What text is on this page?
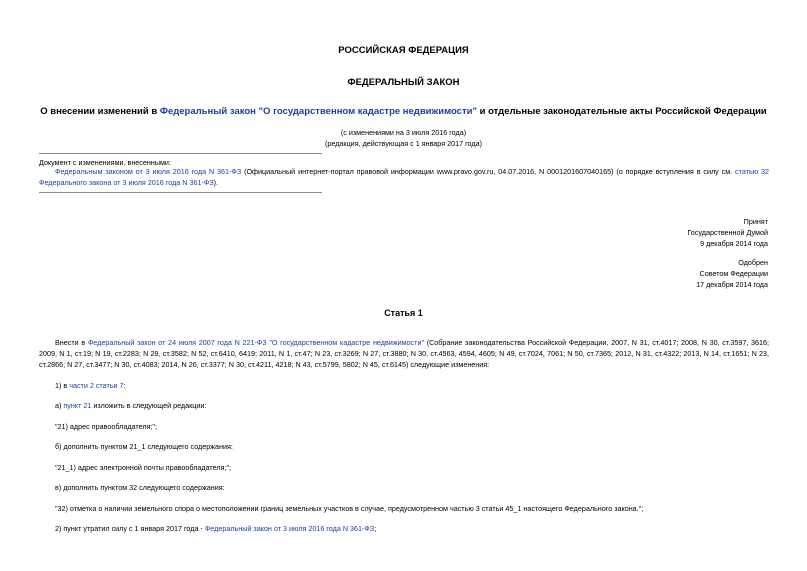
РОССИЙСКАЯ ФЕДЕРАЦИЯ
ФЕДЕРАЛЬНЫЙ ЗАКОН
О внесении изменений в Федеральный закон "О государственном кадастре недвижимости" и отдельные законодательные акты Российской Федерации
(с изменениями на 3 июля 2016 года)
(редакция, действующая с 1 января 2017 года)
Документ с изменениями, внесенными:
Федеральным законом от 3 июля 2016 года N 361-ФЗ (Официальный интернет-портал правовой информации www.pravo.gov.ru, 04.07.2016, N 0001201607040165) (о порядке вступления в силу см. статью 32 Федерального закона от 3 июля 2016 года N 361-ФЗ).
Принят
Государственной Думой
9 декабря 2014 года
Одобрен
Советом Федерации
17 декабря 2014 года
Статья 1
Внести в Федеральный закон от 24 июля 2007 года N 221-ФЗ "О государственном кадастре недвижимости" (Собрание законодательства Российской Федерации, 2007, N 31, ст.4017; 2008, N 30, ст.3597, 3616; 2009, N 1, ст.19; N 19, ст.2283; N 29, ст.3582; N 52, ст.6410, 6419; 2011, N 1, ст.47; N 23, ст.3269; N 27, ст.3880; N 30, ст.4563, 4594, 4605; N 49, ст.7024, 7061; N 50, ст.7365; 2012, N 31, ст.4322; 2013, N 14, ст.1651; N 23, ст.2866; N 27, ст.3477; N 30, ст.4083; 2014, N 26, ст.3377; N 30, ст.4211, 4218; N 43, ст.5799, 5802; N 45, ст.6145) следующие изменения:
1) в части 2 статьи 7:
а) пункт 21 изложить в следующей редакции:
"21) адрес правообладателя;";
б) дополнить пунктом 21_1 следующего содержания:
"21_1) адрес электронной почты правообладателя;";
в) дополнить пунктом 32 следующего содержания:
"32) отметка о наличии земельного спора о местоположении границ земельных участков в случае, предусмотренном частью 3 статьи 45_1 настоящего Федерального закона.";
2) пункт утратил силу с 1 января 2017 года - Федеральный закон от 3 июля 2016 года N 361-ФЗ;
